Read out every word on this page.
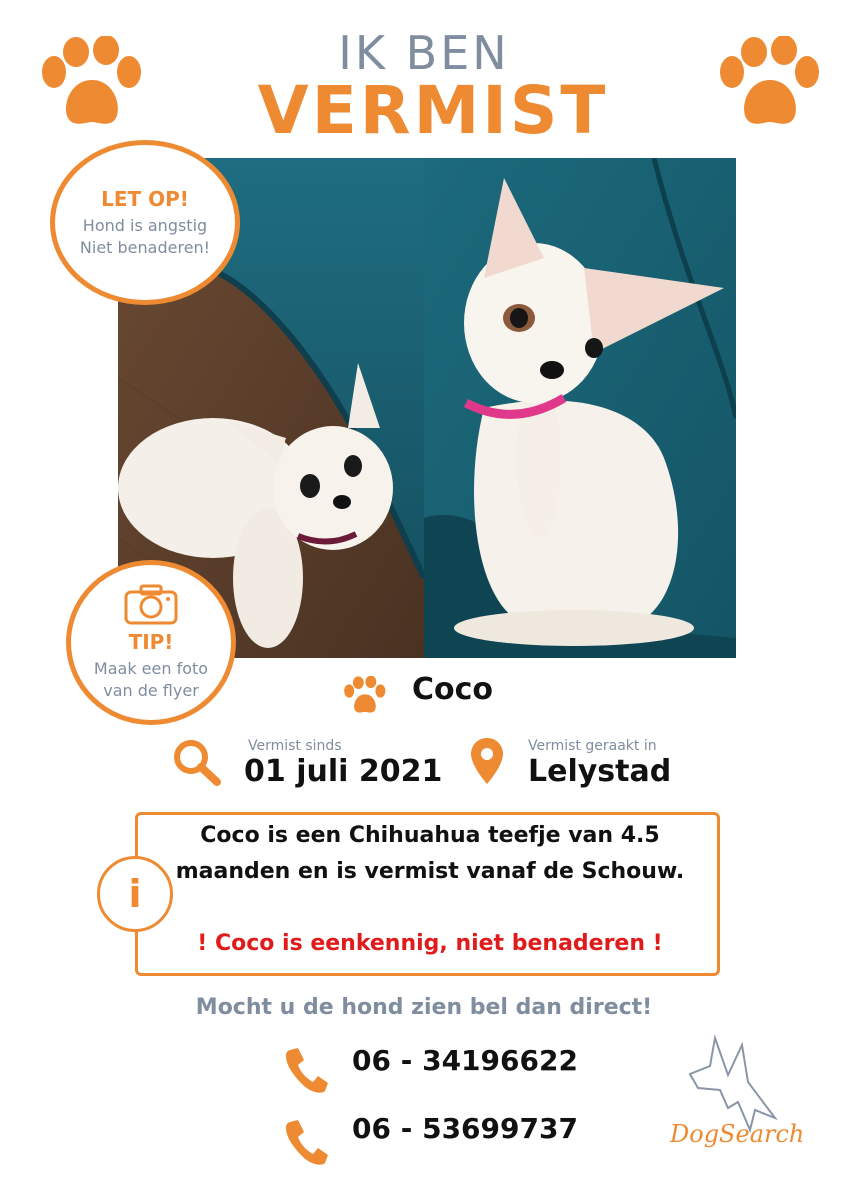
IK BEN
VERMIST
LET OP!
Hond is angstig
Niet benaderen!
TIP!
Maak een foto
van de flyer	Coco
Vermist sinds
01 juli 2021
Vermist geraakt in
Lelystad
i
Coco is een Chihuahua teefje van 4.5 maanden en is vermist vanaf de Schouw.
! Coco is eenkennig, niet benaderen !
Mocht u de hond zien bel dan direct!
06 - 34196622
06 - 53699737	DogSearch
